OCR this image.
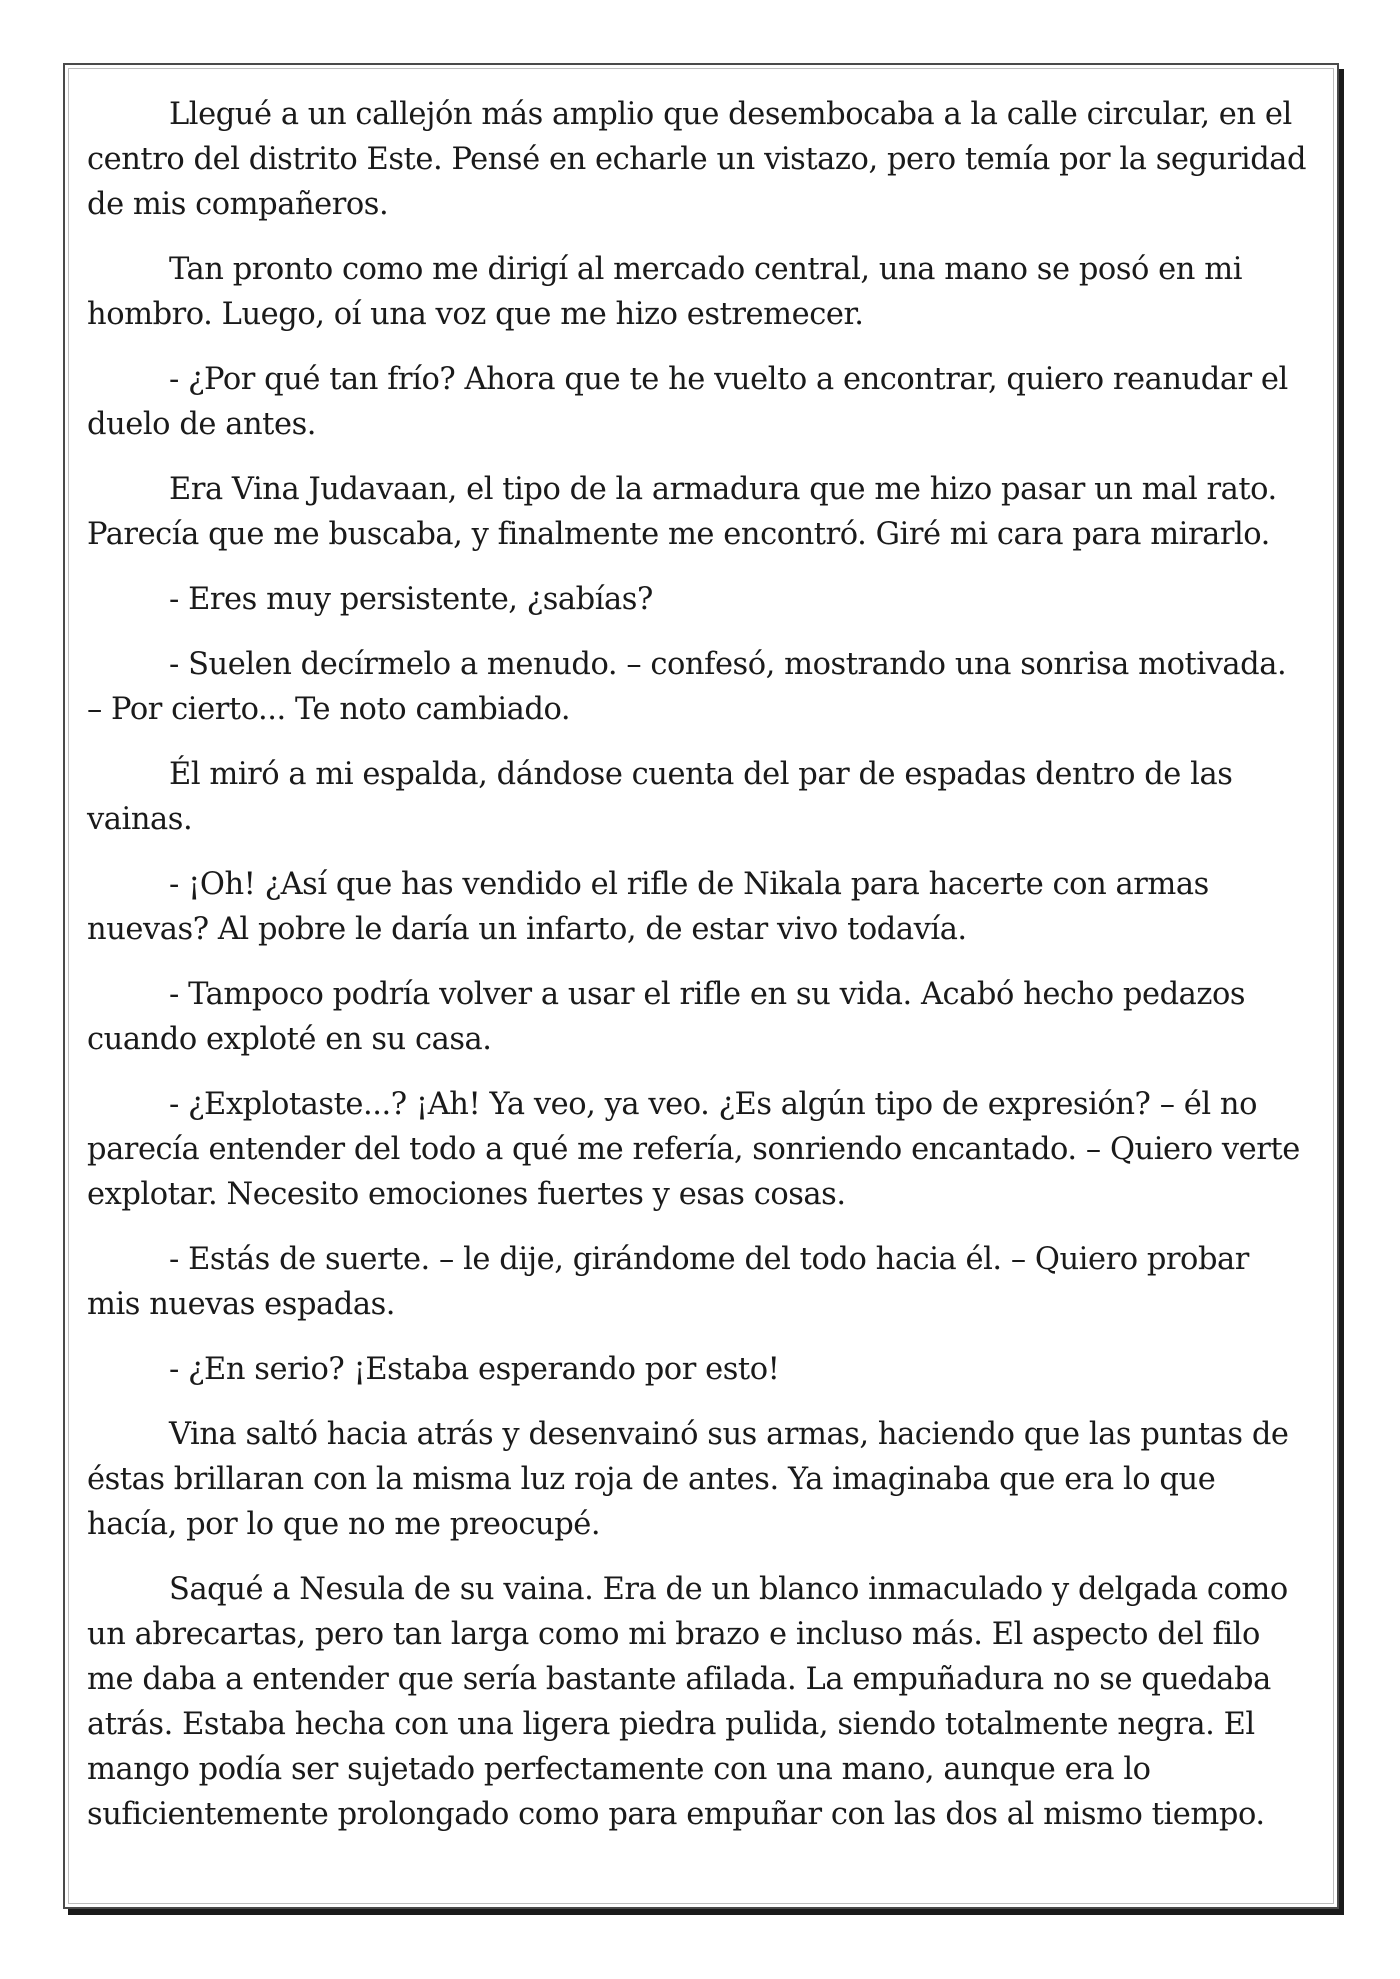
Llegué a un callejón más amplio que desembocaba a la calle circular, en el centro del distrito Este. Pensé en echarle un vistazo, pero temía por la seguridad de mis compañeros.

Tan pronto como me dirigí al mercado central, una mano se posó en mi hombro. Luego, oí una voz que me hizo estremecer.

- ¿Por qué tan frío? Ahora que te he vuelto a encontrar, quiero reanudar el duelo de antes.

Era Vina Judavaan, el tipo de la armadura que me hizo pasar un mal rato. Parecía que me buscaba, y finalmente me encontró. Giré mi cara para mirarlo.

- Eres muy persistente, ¿sabías?

- Suelen decírmelo a menudo. – confesó, mostrando una sonrisa motivada. – Por cierto... Te noto cambiado.

Él miró a mi espalda, dándose cuenta del par de espadas dentro de las vainas.

- ¡Oh! ¿Así que has vendido el rifle de Nikala para hacerte con armas nuevas? Al pobre le daría un infarto, de estar vivo todavía.

- Tampoco podría volver a usar el rifle en su vida. Acabó hecho pedazos cuando exploté en su casa.

- ¿Explotaste...? ¡Ah! Ya veo, ya veo. ¿Es algún tipo de expresión? – él no parecía entender del todo a qué me refería, sonriendo encantado. – Quiero verte explotar. Necesito emociones fuertes y esas cosas.

- Estás de suerte. – le dije, girándome del todo hacia él. – Quiero probar mis nuevas espadas.

- ¿En serio? ¡Estaba esperando por esto!

Vina saltó hacia atrás y desenvainó sus armas, haciendo que las puntas de éstas brillaran con la misma luz roja de antes. Ya imaginaba que era lo que hacía, por lo que no me preocupé.

Saqué a Nesula de su vaina. Era de un blanco inmaculado y delgada como un abrecartas, pero tan larga como mi brazo e incluso más. El aspecto del filo me daba a entender que sería bastante afilada. La empuñadura no se quedaba atrás. Estaba hecha con una ligera piedra pulida, siendo totalmente negra. El mango podía ser sujetado perfectamente con una mano, aunque era lo suficientemente prolongado como para empuñar con las dos al mismo tiempo.
